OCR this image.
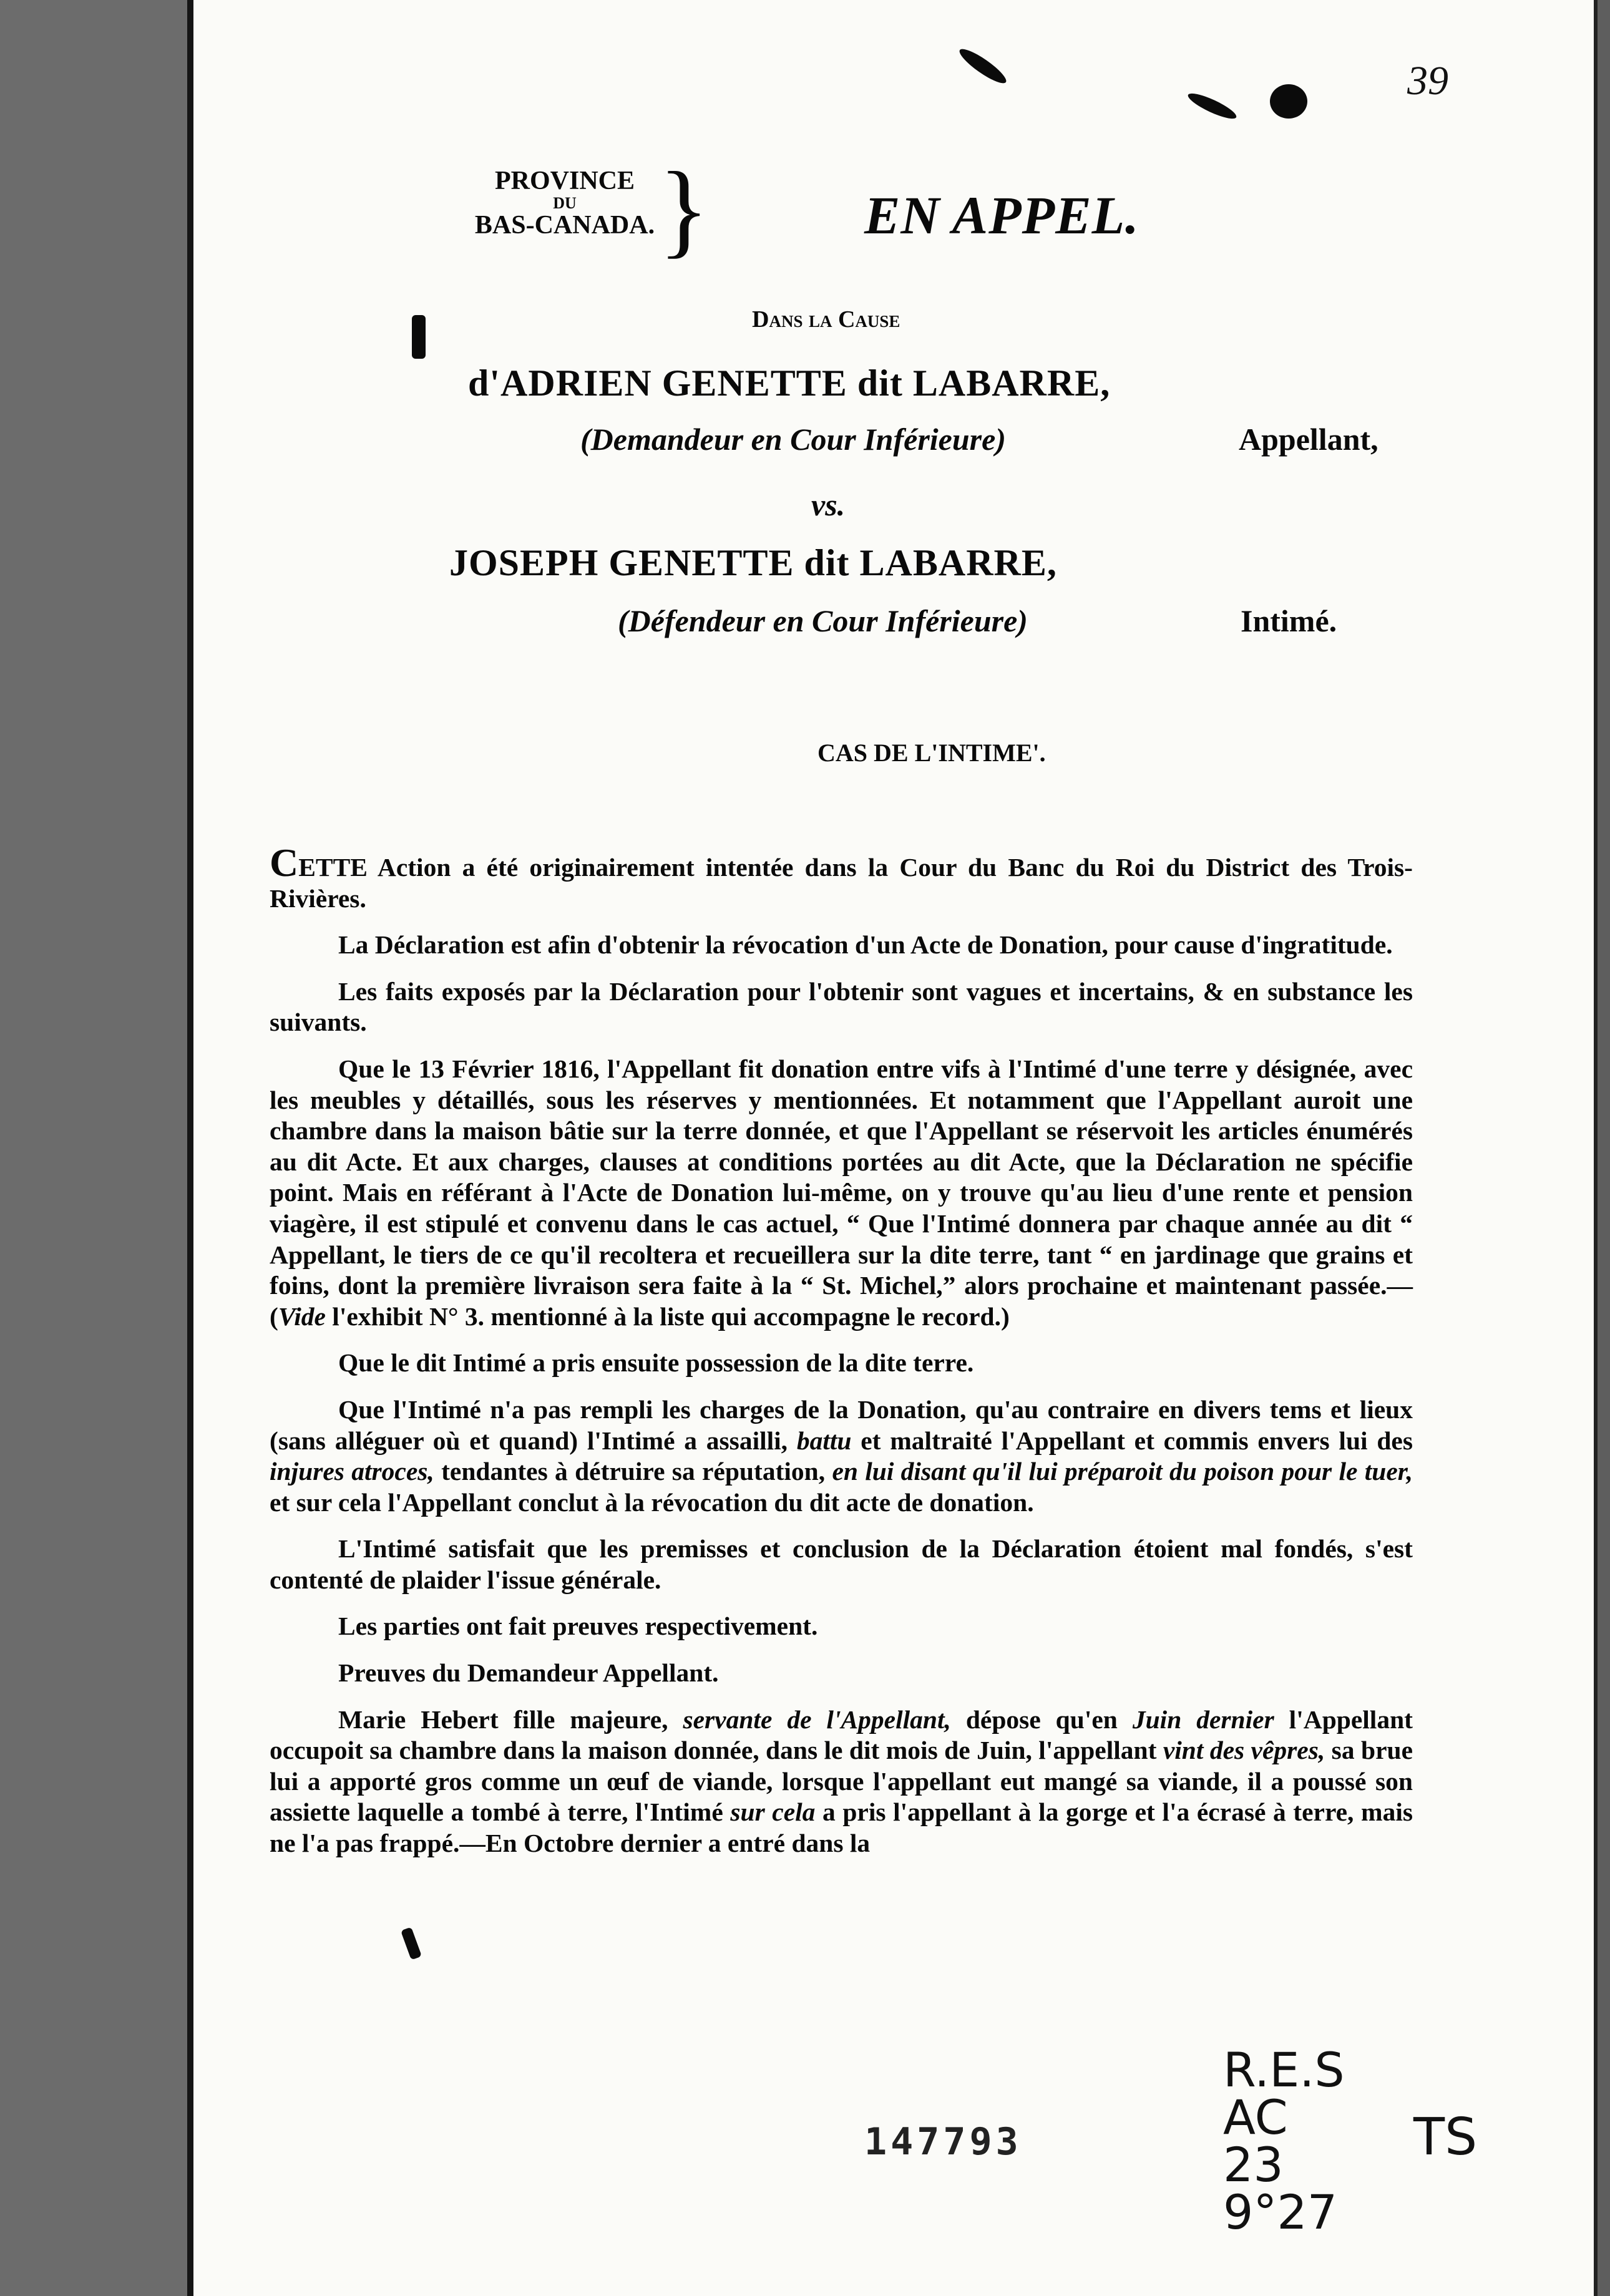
39
PROVINCE
DU
BAS-CANADA. }	EN APPEL.
Dans la Cause
d'ADRIEN GENETTE dit LABARRE,
(Demandeur en Cour Inférieure)	Appellant,
vs.
JOSEPH GENETTE dit LABARRE,
(Défendeur en Cour Inférieure)	Intimé.
CAS DE L'INTIME'.

CETTE Action a été originairement intentée dans la Cour du Banc du Roi du District des Trois-Rivières.

La Déclaration est afin d'obtenir la révocation d'un Acte de Donation, pour cause d'ingratitude.

Les faits exposés par la Déclaration pour l'obtenir sont vagues et incertains, & en substance les suivants.

Que le 13 Février 1816, l'Appellant fit donation entre vifs à l'Intimé d'une terre y désignée, avec les meubles y détaillés, sous les réserves y mentionnées. Et notamment que l'Appellant auroit une chambre dans la maison bâtie sur la terre donnée, et que l'Appellant se réservoit les articles énumérés au dit Acte. Et aux charges, clauses at conditions portées au dit Acte, que la Déclaration ne spécifie point. Mais en référant à l'Acte de Donation lui-même, on y trouve qu'au lieu d'une rente et pension viagère, il est stipulé et convenu dans le cas actuel, “ Que l'Intimé donnera par chaque année au dit “ Appellant, le tiers de ce qu'il recoltera et recueillera sur la dite terre, tant “ en jardinage que grains et foins, dont la première livraison sera faite à la “ St. Michel,” alors prochaine et maintenant passée.—(Vide l'exhibit N° 3. mentionné à la liste qui accompagne le record.)

Que le dit Intimé a pris ensuite possession de la dite terre.

Que l'Intimé n'a pas rempli les charges de la Donation, qu'au contraire en divers tems et lieux (sans alléguer où et quand) l'Intimé a assailli, battu et maltraité l'Appellant et commis envers lui des injures atroces, tendantes à détruire sa réputation, en lui disant qu'il lui préparoit du poison pour le tuer, et sur cela l'Appellant conclut à la révocation du dit acte de donation.

L'Intimé satisfait que les premisses et conclusion de la Déclaration étoient mal fondés, s'est contenté de plaider l'issue générale.

Les parties ont fait preuves respectivement.

Preuves du Demandeur Appellant.

Marie Hebert fille majeure, servante de l'Appellant, dépose qu'en Juin dernier l'Appellant occupoit sa chambre dans la maison donnée, dans le dit mois de Juin, l'appellant vint des vêpres, sa brue lui a apporté gros comme un œuf de viande, lorsque l'appellant eut mangé sa viande, il a poussé son assiette laquelle a tombé à terre, l'Intimé sur cela a pris l'appellant à la gorge et l'a écrasé à terre, mais ne l'a pas frappé.—En Octobre dernier a entré dans la

147793
R.E.S
AC
23
9°27
TS
